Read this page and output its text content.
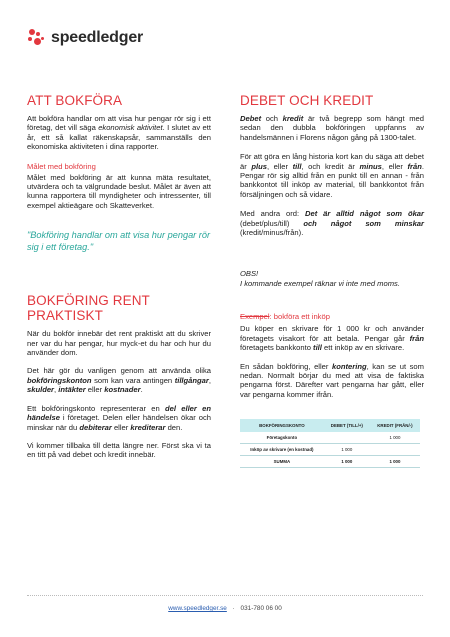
speedledger
ATT BOKFÖRA

Att bokföra handlar om att visa hur pengar rör sig i ett företag, det vill säga ekonomisk aktivitet. I slutet av ett år, ett så kallat räkenskapsår, sammanställs den ekonomiska aktiviteten i dina rapporter.

Målet med bokföring

Målet med bokföring är att kunna mäta resultatet, utvärdera och ta välgrundade beslut. Målet är även att kunna rapportera till myndigheter och intressenter, till exempel aktieägare och Skatteverket.

"Bokföring handlar om att visa hur pengar rör sig i ett företag."

BOKFÖRING RENT PRAKTISKT

När du bokför innebär det rent praktiskt att du skriver ner var du har pengar, hur myck-et du har och hur du använder dom.

Det här gör du vanligen genom att använda olika bokföringskonton som kan vara antingen tillgångar, skulder, intäkter eller kostnader.

Ett bokföringskonto representerar en del eller en händelse i företaget. Delen eller händelsen ökar och minskar när du debiterar eller krediterar den.

Vi kommer tillbaka till detta längre ner. Först ska vi ta en titt på vad debet och kredit innebär.

DEBET OCH KREDIT

Debet och kredit är två begrepp som hängt med sedan den dubbla bokföringen uppfanns av handelsmännen i Florens någon gång på 1300-talet.

För att göra en lång historia kort kan du säga att debet är plus, eller till, och kredit är minus, eller från. Pengar rör sig alltid från en punkt till en annan - från bankkontot till inköp av material, till bankkontot från försäljningen och så vidare.

Med andra ord: Det är alltid något som ökar (debet/plus/till) och något som minskar (kredit/minus/från).

OBS!
I kommande exempel räknar vi inte med moms.

Exempel: bokföra ett inköp

Du köper en skrivare för 1 000 kr och använder företagets visakort för att betala. Pengar går från företagets bankkonto till ett inköp av en skrivare.

En sådan bokföring, eller kontering, kan se ut som nedan. Normalt börjar du med att visa de faktiska pengarna först. Därefter vart pengarna har gått, eller var pengarna kommer ifrån.

BOKFÖRINGSKONTO	DEBET (TILL/+)	KREDIT (FRÅN/-)
Företagskonto		1 000
Inköp av skrivare (en kostnad)	1 000	
SUMMA	1 000	1 000
www.speedledger.se · 031-780 06 00
